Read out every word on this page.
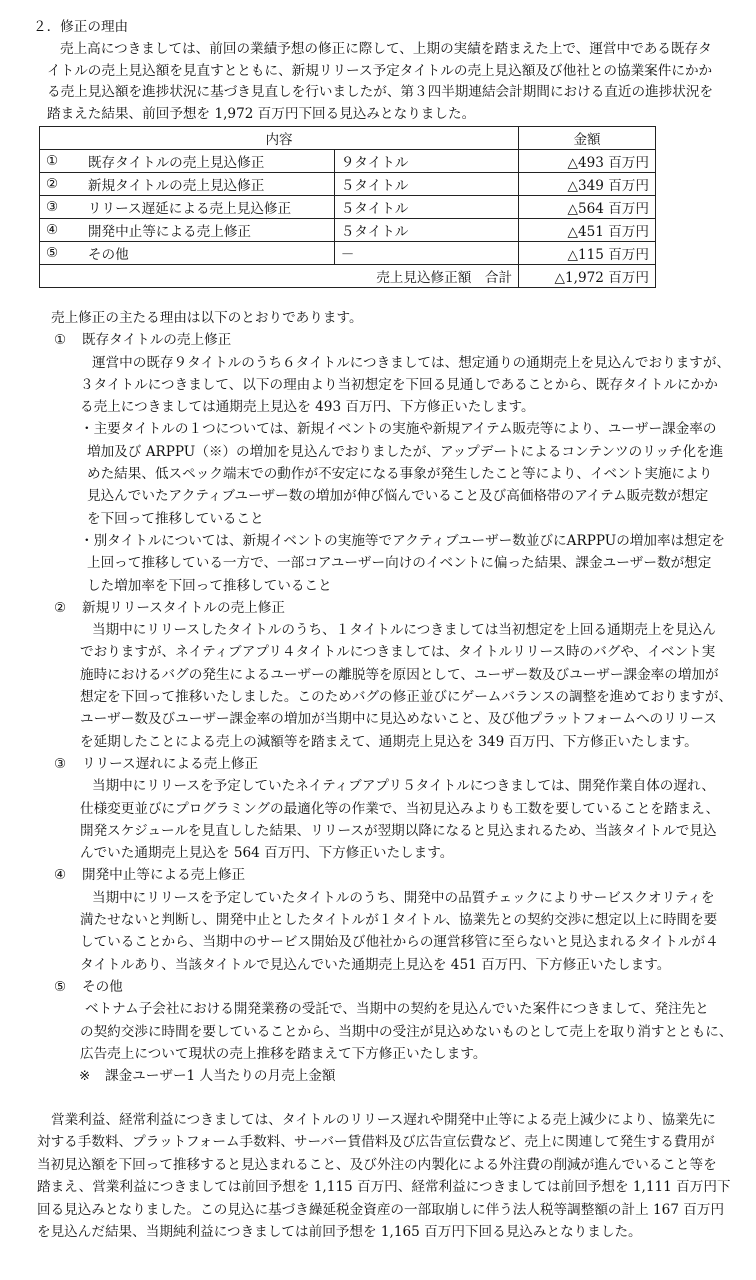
２．修正の理由
売上高につきましては、前回の業績予想の修正に際して、上期の実績を踏まえた上で、運営中である既存タ
イトルの売上見込額を見直すとともに、新規リリース予定タイトルの売上見込額及び他社との協業案件にかか
る売上見込額を進捗状況に基づき見直しを行いましたが、第３四半期連結会計期間における直近の進捗状況を
踏まえた結果、前回予想を 1,972 百万円下回る見込みとなりました。
内容			金額
①	既存タイトルの売上見込修正	９タイトル	△493 百万円
②	新規タイトルの売上見込修正	５タイトル	△349 百万円
③	リリース遅延による売上見込修正	５タイトル	△564 百万円
④	開発中止等による売上修正	５タイトル	△451 百万円
⑤	その他	－	△115 百万円
売上見込修正額　合計			△1,972 百万円
売上修正の主たる理由は以下のとおりであります。
① 既存タイトルの売上修正
運営中の既存９タイトルのうち６タイトルにつきましては、想定通りの通期売上を見込んでおりますが、
３タイトルにつきまして、以下の理由より当初想定を下回る見通しであることから、既存タイトルにかか
る売上につきましては通期売上見込を 493 百万円、下方修正いたします。
・主要タイトルの１つについては、新規イベントの実施や新規アイテム販売等により、ユーザー課金率の
増加及び ARPPU（※）の増加を見込んでおりましたが、アップデートによるコンテンツのリッチ化を進
めた結果、低スペック端末での動作が不安定になる事象が発生したこと等により、イベント実施により
見込んでいたアクティブユーザー数の増加が伸び悩んでいること及び高価格帯のアイテム販売数が想定
を下回って推移していること
・別タイトルについては、新規イベントの実施等でアクティブユーザー数並びにARPPUの増加率は想定を
上回って推移している一方で、一部コアユーザー向けのイベントに偏った結果、課金ユーザー数が想定
した増加率を下回って推移していること
② 新規リリースタイトルの売上修正
当期中にリリースしたタイトルのうち、１タイトルにつきましては当初想定を上回る通期売上を見込ん
でおりますが、ネイティブアプリ４タイトルにつきましては、タイトルリリース時のバグや、イベント実
施時におけるバグの発生によるユーザーの離脱等を原因として、ユーザー数及びユーザー課金率の増加が
想定を下回って推移いたしました。このためバグの修正並びにゲームバランスの調整を進めておりますが、
ユーザー数及びユーザー課金率の増加が当期中に見込めないこと、及び他プラットフォームへのリリース
を延期したことによる売上の減額等を踏まえて、通期売上見込を 349 百万円、下方修正いたします。
③ リリース遅れによる売上修正
当期中にリリースを予定していたネイティブアプリ５タイトルにつきましては、開発作業自体の遅れ、
仕様変更並びにプログラミングの最適化等の作業で、当初見込みよりも工数を要していることを踏まえ、
開発スケジュールを見直しした結果、リリースが翌期以降になると見込まれるため、当該タイトルで見込
んでいた通期売上見込を 564 百万円、下方修正いたします。
④ 開発中止等による売上修正
当期中にリリースを予定していたタイトルのうち、開発中の品質チェックによりサービスクオリティを
満たせないと判断し、開発中止としたタイトルが１タイトル、協業先との契約交渉に想定以上に時間を要
していることから、当期中のサービス開始及び他社からの運営移管に至らないと見込まれるタイトルが４
タイトルあり、当該タイトルで見込んでいた通期売上見込を 451 百万円、下方修正いたします。
⑤ その他
ベトナム子会社における開発業務の受託で、当期中の契約を見込んでいた案件につきまして、発注先と
の契約交渉に時間を要していることから、当期中の受注が見込めないものとして売上を取り消すとともに、
広告売上について現状の売上推移を踏まえて下方修正いたします。
※ 課金ユーザー1 人当たりの月売上金額
営業利益、経常利益につきましては、タイトルのリリース遅れや開発中止等による売上減少により、協業先に
対する手数料、プラットフォーム手数料、サーバー賃借料及び広告宣伝費など、売上に関連して発生する費用が
当初見込額を下回って推移すると見込まれること、及び外注の内製化による外注費の削減が進んでいること等を
踏まえ、営業利益につきましては前回予想を 1,115 百万円、経常利益につきましては前回予想を 1,111 百万円下
回る見込みとなりました。この見込に基づき繰延税金資産の一部取崩しに伴う法人税等調整額の計上 167 百万円
を見込んだ結果、当期純利益につきましては前回予想を 1,165 百万円下回る見込みとなりました。
